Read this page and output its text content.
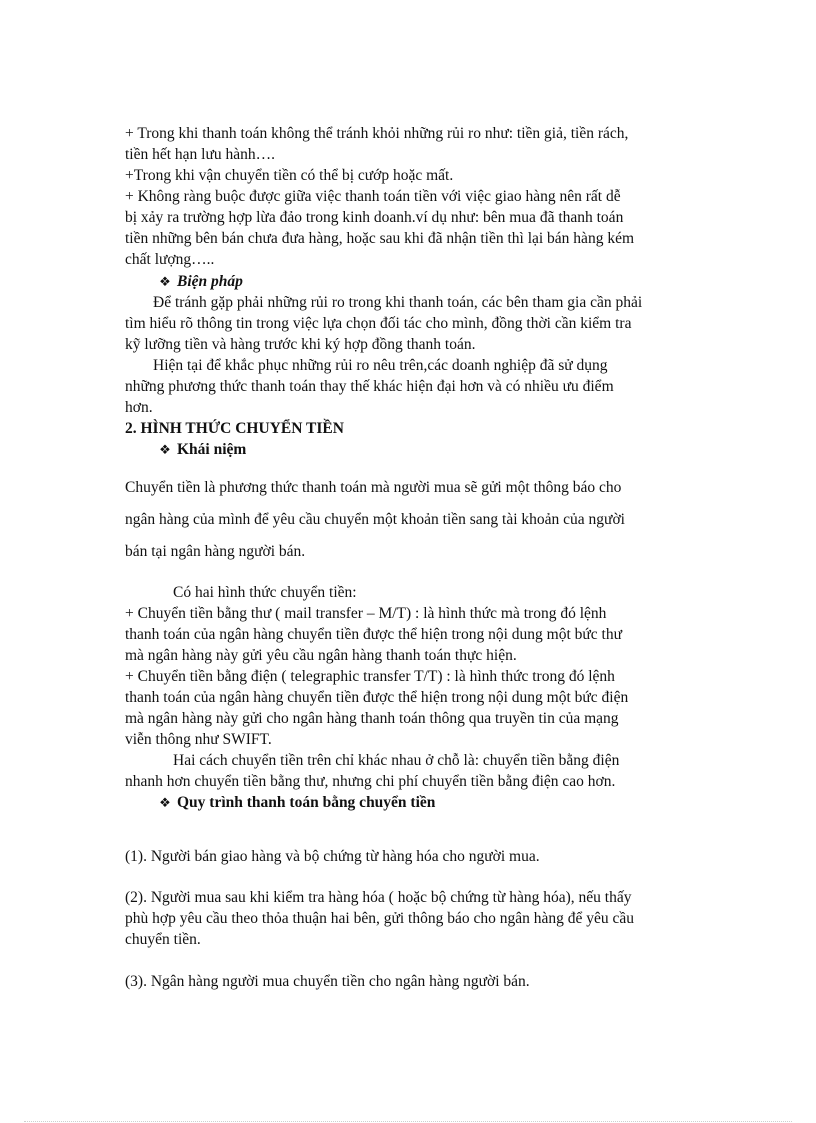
+ Trong khi thanh toán không thể tránh khỏi những rủi ro như: tiền giả, tiền rách,
tiền hết hạn lưu hành….
+Trong khi vận chuyển tiền có thể bị cướp hoặc mất.
+ Không ràng buộc được giữa việc thanh toán tiền với việc giao hàng nên rất dễ
bị xảy ra trường hợp lừa đảo trong kinh doanh.ví dụ như: bên mua đã thanh toán
tiền những bên bán chưa đưa hàng, hoặc sau khi đã nhận tiền thì lại bán hàng kém
chất lượng…..
❖ Biện pháp
Để tránh gặp phải những rủi ro trong khi thanh toán, các bên tham gia cần phải
tìm hiểu rõ thông tin trong việc lựa chọn đối tác cho mình, đồng thời cần kiểm tra
kỹ lưỡng tiền và hàng trước khi ký hợp đồng thanh toán.
Hiện tại để khắc phục những rủi ro nêu trên,các doanh nghiệp đã sử dụng
những phương thức thanh toán thay thế khác hiện đại hơn và có nhiều ưu điểm
hơn.
2. HÌNH THỨC CHUYỂN TIỀN
❖ Khái niệm
Chuyển tiền là phương thức thanh toán mà người mua sẽ gửi một thông báo cho
ngân hàng của mình để yêu cầu chuyển một khoản tiền sang tài khoản của người
bán tại ngân hàng người bán.
Có hai hình thức chuyển tiền:
+ Chuyển tiền bằng thư ( mail transfer – M/T) : là hình thức mà trong đó lệnh
thanh toán của ngân hàng chuyển tiền được thể hiện trong nội dung một bức thư
mà ngân hàng này gửi yêu cầu ngân hàng thanh toán thực hiện.
+ Chuyển tiền bằng điện ( telegraphic transfer T/T) : là hình thức trong đó lệnh
thanh toán của ngân hàng chuyển tiền được thể hiện trong nội dung một bức điện
mà ngân hàng này gửi cho ngân hàng thanh toán thông qua truyền tin của mạng
viễn thông như SWIFT.
Hai cách chuyển tiền trên chỉ khác nhau ở chỗ là: chuyển tiền bằng điện
nhanh hơn chuyển tiền bằng thư, nhưng chi phí chuyển tiền bằng điện cao hơn.
❖ Quy trình thanh toán bằng chuyển tiền
(1). Người bán giao hàng và bộ chứng từ hàng hóa cho người mua.
(2). Người mua sau khi kiểm tra hàng hóa ( hoặc bộ chứng từ hàng hóa), nếu thấy
phù hợp yêu cầu theo thỏa thuận hai bên, gửi thông báo cho ngân hàng để yêu cầu
chuyển tiền.
(3). Ngân hàng người mua chuyển tiền cho ngân hàng người bán.
